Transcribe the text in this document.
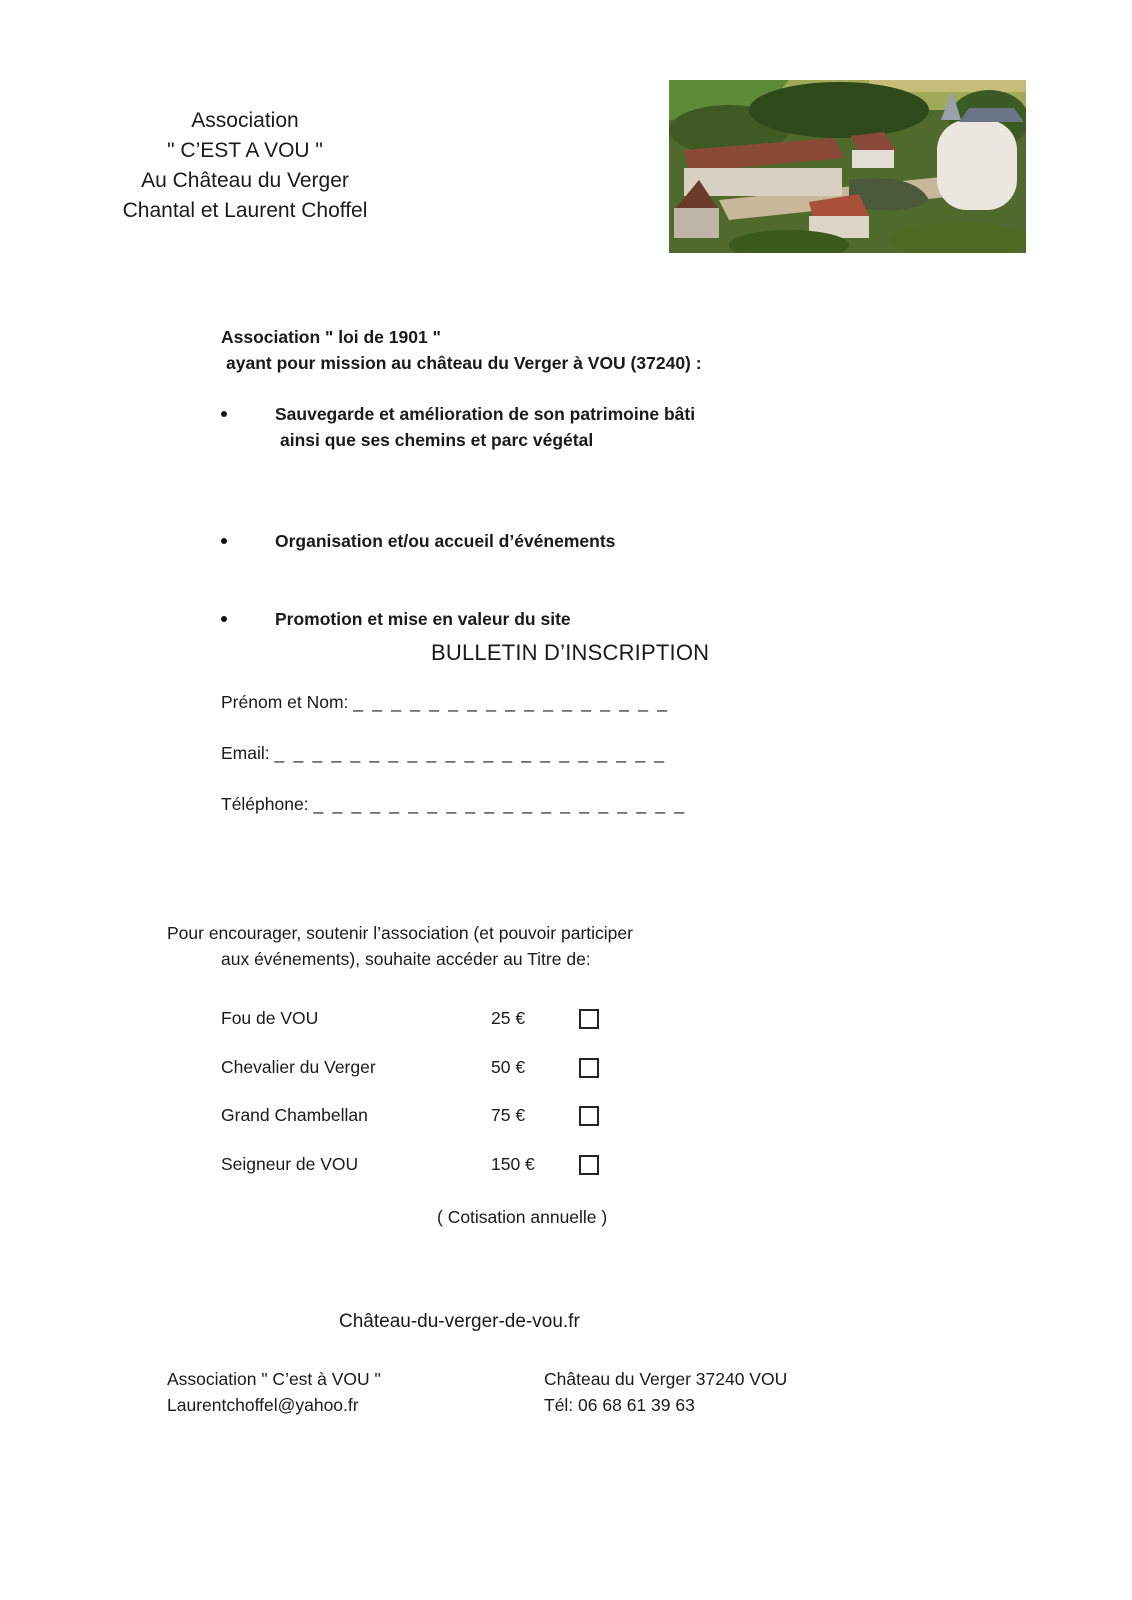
Association
" C’EST A VOU "
Au Château du Verger
Chantal et Laurent Choffel
Association " loi de 1901 "
ayant pour mission au château du Verger à VOU (37240) :
Sauvegarde et amélioration de son patrimoine bâti
ainsi que ses chemins et parc végétal
Organisation et/ou accueil d’événements
Promotion et mise en valeur du site
BULLETIN D’INSCRIPTION
Prénom et Nom: _ _ _ _ _ _ _ _ _ _ _ _ _ _ _ _ _
Email: _ _ _ _ _ _ _ _ _ _ _ _ _ _ _ _ _ _ _ _ _
Téléphone: _ _ _ _ _ _ _ _ _ _ _ _ _ _ _ _ _ _ _ _
Pour encourager, soutenir l’association (et pouvoir participer
aux événements), souhaite accéder au Titre de:
Fou de VOU	25 €
Chevalier du Verger	50 €
Grand Chambellan	75 €
Seigneur de VOU	150 €
( Cotisation annuelle )
Château-du-verger-de-vou.fr
Association " C’est à VOU "
Laurentchoffel@yahoo.fr
Château du Verger 37240 VOU
Tél: 06 68 61 39 63
